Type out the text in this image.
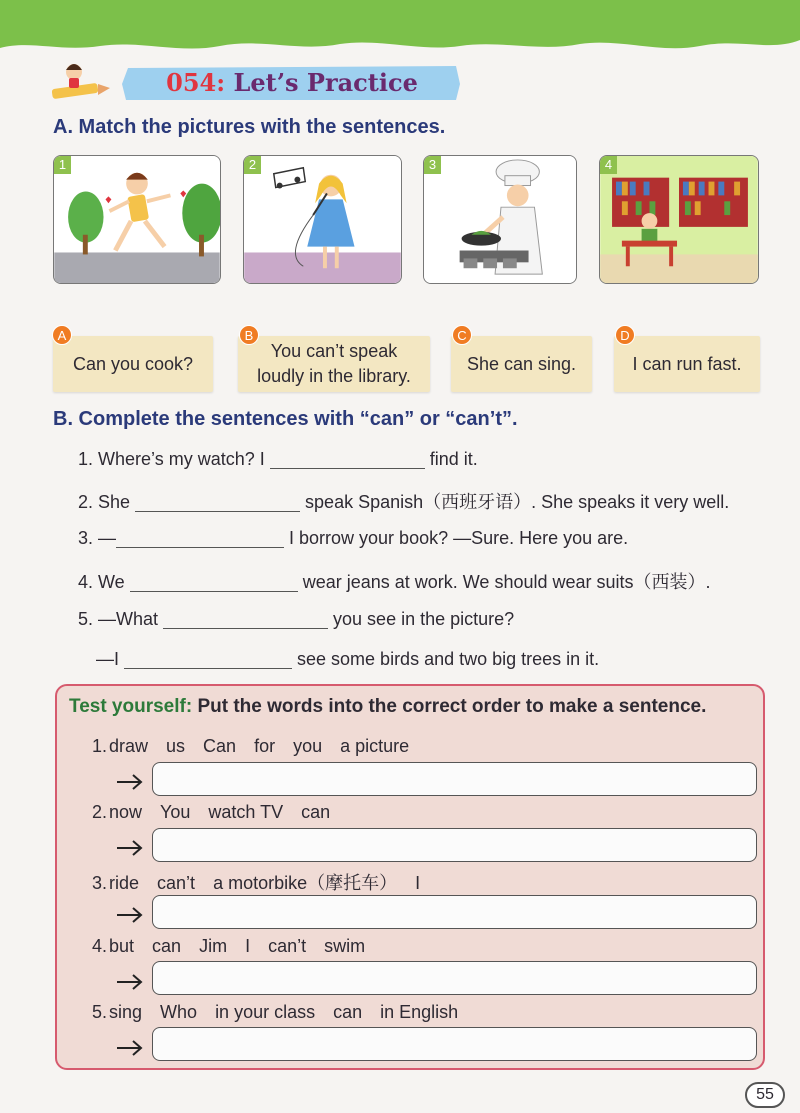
054: Let’s Practice
A. Match the pictures with the sentences.
1	2	3	4
Can you cook?
A
You can’t speak loudly in the library.
B
She can sing.
C
I can run fast.
D
B. Complete the sentences with “can” or “can’t”.
1. Where’s my watch? I	find it.
2. She	speak Spanish（西班牙语）. She speaks it very well.
3. —	I borrow your book? —Sure. Here you are.
4. We	wear jeans at work. We should wear suits（西装）.
5. —What	you see in the picture?
—I	see some birds and two big trees in it.
Test yourself: Put the words into the correct order to make a sentence.
1. draw us Can for you a picture
2. now You watch TV can
3. ride can’t a motorbike（摩托车） I
4. but can Jim I can’t swim
5. sing Who in your class can in English
55
